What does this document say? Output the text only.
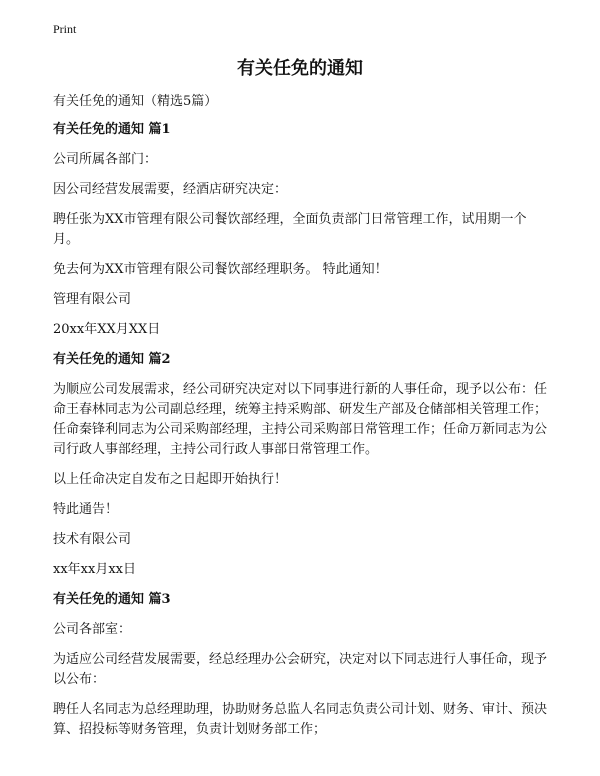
Print
有关任免的通知

有关任免的通知（精选5篇）

有关任免的通知 篇1

公司所属各部门：

因公司经营发展需要，经酒店研究决定：

聘任张为XX市管理有限公司餐饮部经理，全面负责部门日常管理工作，试用期一个月。

免去何为XX市管理有限公司餐饮部经理职务。 特此通知！

管理有限公司

20xx年XX月XX日

有关任免的通知 篇2

为顺应公司发展需求，经公司研究决定对以下同事进行新的人事任命，现予以公布：任命王春林同志为公司副总经理，统筹主持采购部、研发生产部及仓储部相关管理工作；任命秦锋利同志为公司采购部经理，主持公司采购部日常管理工作；任命万新同志为公司行政人事部经理，主持公司行政人事部日常管理工作。

以上任命决定自发布之日起即开始执行！

特此通告！

技术有限公司

xx年xx月xx日

有关任免的通知 篇3

公司各部室：

为适应公司经营发展需要，经总经理办公会研究，决定对以下同志进行人事任命，现予以公布：

聘任人名同志为总经理助理，协助财务总监人名同志负责公司计划、财务、审计、预决算、招投标等财务管理，负责计划财务部工作；
